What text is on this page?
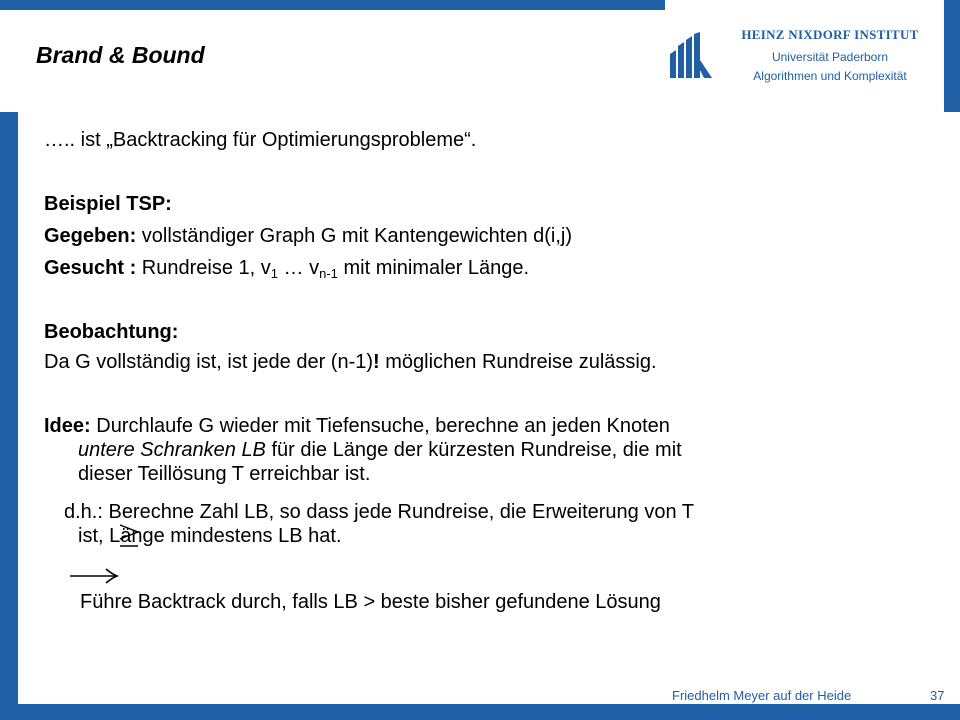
HEINZ NIXDORF INSTITUT
Universität Paderborn
Algorithmen und Komplexität
Brand & Bound
….. ist „Backtracking für Optimierungsprobleme“.
Beispiel TSP:
Gegeben: vollständiger Graph G mit Kantengewichten d(i,j)
Gesucht : Rundreise 1, $v_1$ … $v_{n-1}$ mit minimaler Länge.
Beobachtung:
Da G vollständig ist, ist jede der (n-1)! möglichen Rundreise zulässig.
Idee: Durchlaufe G wieder mit Tiefensuche, berechne an jeden Knoten
untere Schranken LB für die Länge der kürzesten Rundreise, die mit
dieser Teillösung T erreichbar ist.
d.h.: Berechne Zahl LB, so dass jede Rundreise, die Erweiterung von T
ist, Länge mindestens LB hat.
Führe Backtrack durch, falls LB > beste bisher gefundene Lösung
Friedhelm Meyer auf der Heide	37
